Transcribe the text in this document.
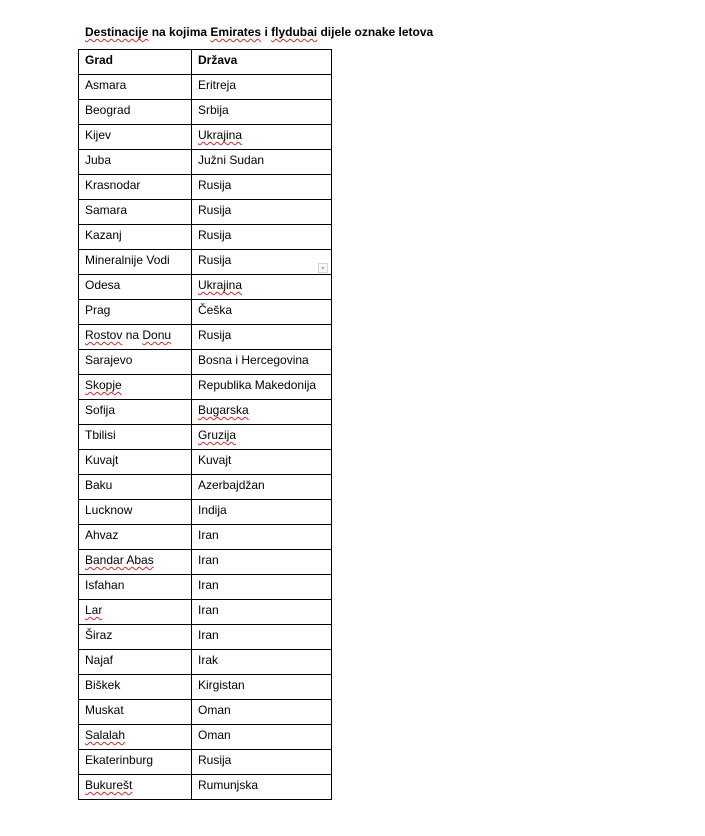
Destinacije na kojima Emirates i flydubai dijele oznake letova
Grad	Država
Asmara	Eritreja
Beograd	Srbija
Kijev	Ukrajina
Juba	Južni Sudan
Krasnodar	Rusija
Samara	Rusija
Kazanj	Rusija
Mineralnije Vodi	Rusija
Odesa	Ukrajina
Prag	Češka
Rostov na Donu	Rusija
Sarajevo	Bosna i Hercegovina
Skopje	Republika Makedonija
Sofija	Bugarska
Tbilisi	Gruzija
Kuvajt	Kuvajt
Baku	Azerbajdžan
Lucknow	Indija
Ahvaz	Iran
Bandar Abas	Iran
Isfahan	Iran
Lar	Iran
Širaz	Iran
Najaf	Irak
Biškek	Kirgistan
Muskat	Oman
Salalah	Oman
Ekaterinburg	Rusija
Bukurešt	Rumunjska
